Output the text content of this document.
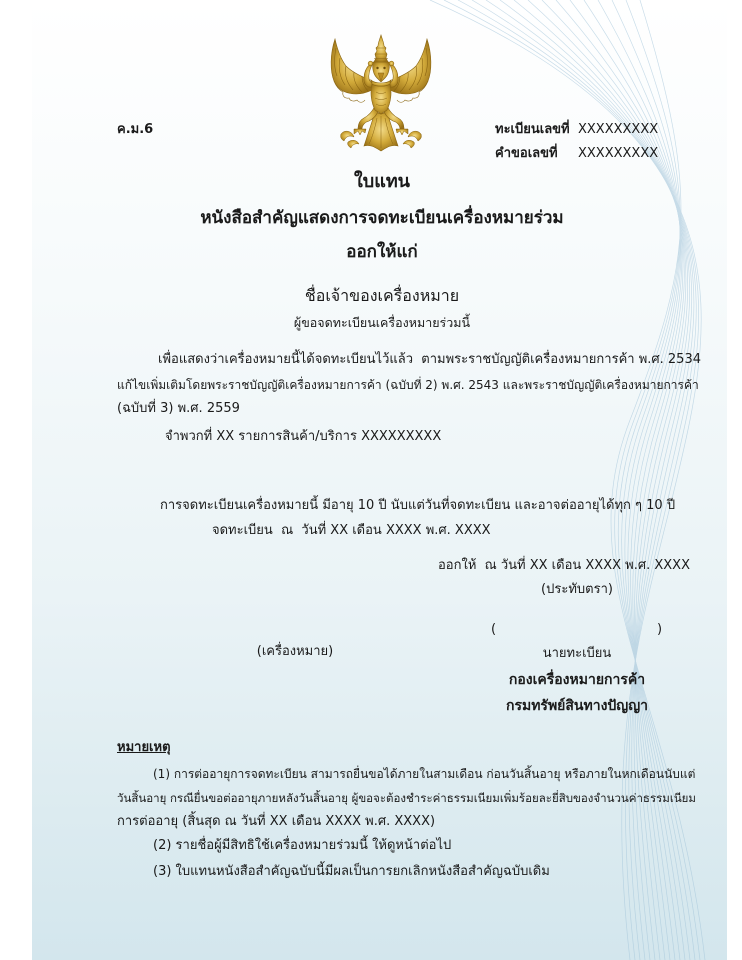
ค.ม.6	ทะเบียนเลขที่ XXXXXXXXX
คำขอเลขที่	XXXXXXXXX
ใบแทน
หนังสือสำคัญแสดงการจดทะเบียนเครื่องหมายร่วม
ออกให้แก่
ชื่อเจ้าของเครื่องหมาย
ผู้ขอจดทะเบียนเครื่องหมายร่วมนี้
เพื่อแสดงว่าเครื่องหมายนี้ได้จดทะเบียนไว้แล้ว  ตามพระราชบัญญัติเครื่องหมายการค้า พ.ศ. 2534
แก้ไขเพิ่มเติมโดยพระราชบัญญัติเครื่องหมายการค้า (ฉบับที่ 2) พ.ศ. 2543 และพระราชบัญญัติเครื่องหมายการค้า
(ฉบับที่ 3) พ.ศ. 2559
จำพวกที่ XX รายการสินค้า/บริการ XXXXXXXXX
การจดทะเบียนเครื่องหมายนี้ มีอายุ 10 ปี นับแต่วันที่จดทะเบียน และอาจต่ออายุได้ทุก ๆ 10 ปี
จดทะเบียน  ณ  วันที่ XX เดือน XXXX พ.ศ. XXXX
ออกให้  ณ วันที่ XX เดือน XXXX พ.ศ. XXXX
(ประทับตรา)
(	)
(เครื่องหมาย)	นายทะเบียน
กองเครื่องหมายการค้า
กรมทรัพย์สินทางปัญญา
หมายเหตุ
(1) การต่ออายุการจดทะเบียน สามารถยื่นขอได้ภายในสามเดือน ก่อนวันสิ้นอายุ หรือภายในหกเดือนนับแต่
วันสิ้นอายุ กรณียื่นขอต่ออายุภายหลังวันสิ้นอายุ ผู้ขอจะต้องชำระค่าธรรมเนียมเพิ่มร้อยละยี่สิบของจำนวนค่าธรรมเนียม
การต่ออายุ (สิ้นสุด ณ วันที่ XX เดือน XXXX พ.ศ. XXXX)
(2) รายชื่อผู้มีสิทธิใช้เครื่องหมายร่วมนี้ ให้ดูหน้าต่อไป
(3) ใบแทนหนังสือสำคัญฉบับนี้มีผลเป็นการยกเลิกหนังสือสำคัญฉบับเดิม
